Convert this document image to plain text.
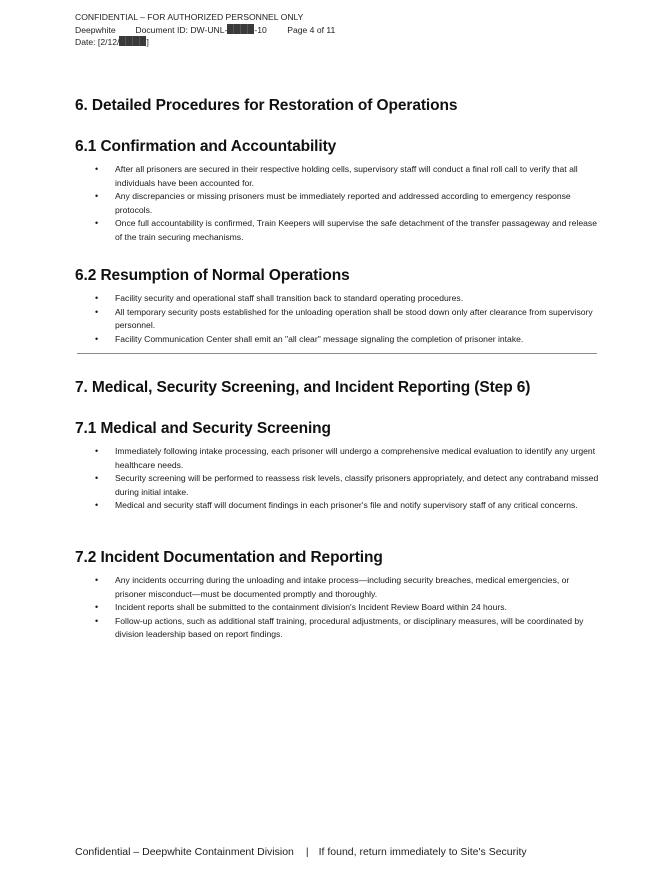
CONFIDENTIAL – FOR AUTHORIZED PERSONNEL ONLY
Deepwhite Document ID: DW-UNL-	-10 Page 4 of 11
Date: [2/12/	]
6. Detailed Procedures for Restoration of Operations
6.1 Confirmation and Accountability
• After all prisoners are secured in their respective holding cells, supervisory staff will conduct a final roll call to verify that all individuals have been accounted for.
• Any discrepancies or missing prisoners must be immediately reported and addressed according to emergency response protocols.
• Once full accountability is confirmed, Train Keepers will supervise the safe detachment of the transfer passageway and release of the train securing mechanisms.
6.2 Resumption of Normal Operations
• Facility security and operational staff shall transition back to standard operating procedures.
• All temporary security posts established for the unloading operation shall be stood down only after clearance from supervisory personnel.
• Facility Communication Center shall emit an "all clear" message signaling the completion of prisoner intake.
7. Medical, Security Screening, and Incident Reporting (Step 6)
7.1 Medical and Security Screening
• Immediately following intake processing, each prisoner will undergo a comprehensive medical evaluation to identify any urgent healthcare needs.
• Security screening will be performed to reassess risk levels, classify prisoners appropriately, and detect any contraband missed during initial intake.
• Medical and security staff will document findings in each prisoner's file and notify supervisory staff of any critical concerns.
7.2 Incident Documentation and Reporting
• Any incidents occurring during the unloading and intake process—including security breaches, medical emergencies, or prisoner misconduct—must be documented promptly and thoroughly.
• Incident reports shall be submitted to the containment division's Incident Review Board within 24 hours.
• Follow-up actions, such as additional staff training, procedural adjustments, or disciplinary measures, will be coordinated by division leadership based on report findings.
Confidential – Deepwhite Containment Division | If found, return immediately to Site's Security
